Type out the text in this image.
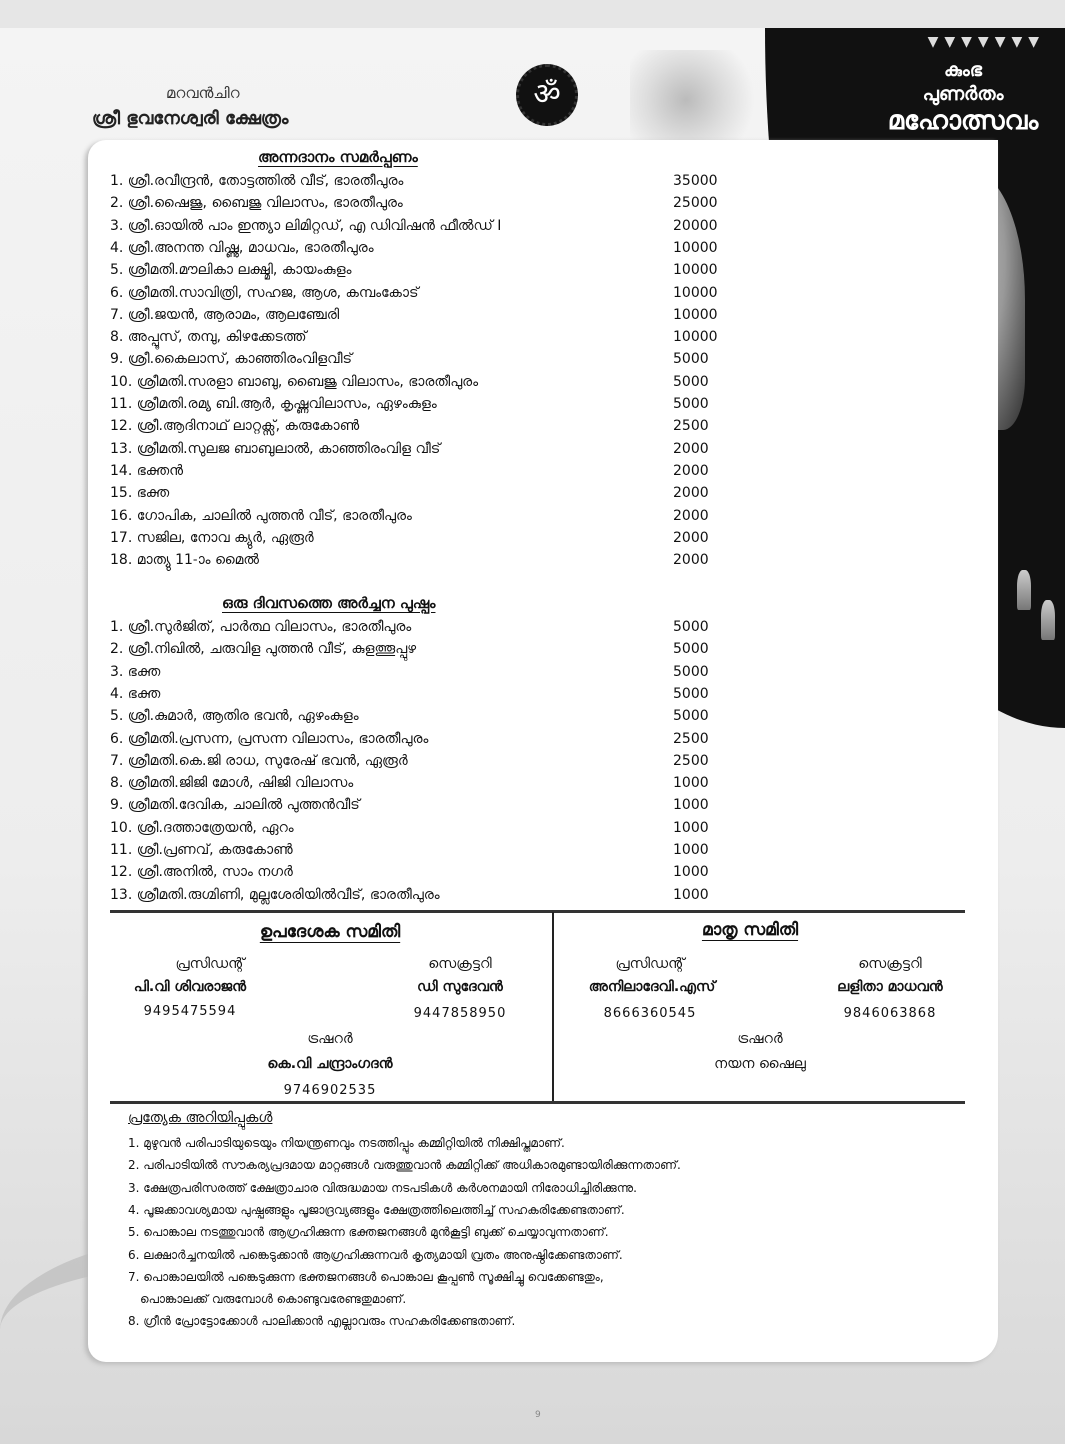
▼▼▼▼▼▼▼
കുംഭ
പുണർതം
മഹോത്സവം
മറവൻചിറ
ശ്രീ ഭുവനേശ്വരി ക്ഷേത്രം
ॐ
അന്നദാനം സമർപ്പണം
1. ശ്രീ.രവീന്ദ്രൻ, തോട്ടത്തിൽ വീട്, ഭാരതീപുരം	35000
2. ശ്രീ.ഷൈജു, ബൈജു വിലാസം, ഭാരതീപുരം	25000
3. ശ്രീ.ഓയിൽ പാം ഇന്ത്യാ ലിമിറ്റഡ്, എ ഡിവിഷൻ ഫീൽഡ് I	20000
4. ശ്രീ.അനന്ത വിഷ്ണു, മാധവം, ഭാരതീപുരം	10000
5. ശ്രീമതി.മൗലികാ ലക്ഷ്മി, കായംകുളം	10000
6. ശ്രീമതി.സാവിത്രി, സഹജ, ആശ, കമ്പംകോട്	10000
7. ശ്രീ.ജയൻ, ആരാമം, ആലഞ്ചേരി	10000
8. അപ്പൂസ്, തമ്പു, കിഴക്കേടത്ത്	10000
9. ശ്രീ.കൈലാസ്, കാഞ്ഞിരംവിളവീട്	5000
10. ശ്രീമതി.സരളാ ബാബു, ബൈജു വിലാസം, ഭാരതീപുരം	5000
11. ശ്രീമതി.രമ്യ ബി.ആർ, കൃഷ്ണവിലാസം, ഏഴംകുളം	5000
12. ശ്രീ.ആദിനാഥ് ലാറ്റക്സ്, കരുകോൺ	2500
13. ശ്രീമതി.സുലജ ബാബുലാൽ, കാഞ്ഞിരംവിള വീട്	2000
14. ഭക്തൻ	2000
15. ഭക്ത	2000
16. ഗോപിക, ചാലിൽ പുത്തൻ വീട്, ഭാരതീപുരം	2000
17. സജില, നോവ ക്യുർ, ഏരൂർ	2000
18. മാത്യു 11-ാം മൈൽ	2000
ഒരു ദിവസത്തെ അർച്ചന പുഷ്പം
1. ശ്രീ.സുർജിത്, പാർത്ഥ വിലാസം, ഭാരതീപുരം	5000
2. ശ്രീ.നിഖിൽ, ചരുവിള പുത്തൻ വീട്, കുളത്തൂപ്പുഴ	5000
3. ഭക്ത	5000
4. ഭക്ത	5000
5. ശ്രീ.കുമാർ, ആതിര ഭവൻ, ഏഴംകുളം	5000
6. ശ്രീമതി.പ്രസന്ന, പ്രസന്ന വിലാസം, ഭാരതീപുരം	2500
7. ശ്രീമതി.കെ.ജി രാധ, സുരേഷ് ഭവൻ, ഏരൂർ	2500
8. ശ്രീമതി.ജിജി മോൾ, ഷിജി വിലാസം	1000
9. ശ്രീമതി.ദേവിക, ചാലിൽ പുത്തൻവീട്	1000
10. ശ്രീ.ദത്താത്രേയൻ, ഏറം	1000
11. ശ്രീ.പ്രണവ്, കരുകോൺ	1000
12. ശ്രീ.അനിൽ, സാം നഗർ	1000
13. ശ്രീമതി.രുഗ്മിണി, മുല്ലശേരിയിൽവീട്, ഭാരതീപുരം	1000
ഉപദേശക സമിതി
പ്രസിഡന്റ്
പി.വി ശിവരാജൻ
9495475594
സെക്രട്ടറി
ഡി സുദേവൻ
9447858950
ട്രഷറർ
കെ.വി ചന്ദ്രാംഗദൻ
9746902535
മാതൃ സമിതി
പ്രസിഡന്റ്
അനിലാദേവി.എസ്
8666360545
സെക്രട്ടറി
ലളിതാ മാധവൻ
9846063868
ട്രഷറർ
നയന ഷൈലു
പ്രത്യേക അറിയിപ്പുകൾ
1. മുഴുവൻ പരിപാടിയുടെയും നിയന്ത്രണവും നടത്തിപ്പും കമ്മിറ്റിയിൽ നിക്ഷിപ്തമാണ്.
2. പരിപാടിയിൽ സൗകര്യപ്രദമായ മാറ്റങ്ങൾ വരുത്തുവാൻ കമ്മിറ്റിക്ക് അധികാരമുണ്ടായിരിക്കുന്നതാണ്.
3. ക്ഷേത്രപരിസരത്ത് ക്ഷേത്രാചാര വിരുദ്ധമായ നടപടികൾ കർശനമായി നിരോധിച്ചിരിക്കുന്നു.
4. പൂജക്കാവശ്യമായ പുഷ്പങ്ങളും പൂജാദ്രവ്യങ്ങളും ക്ഷേത്രത്തിലെത്തിച്ച് സഹകരിക്കേണ്ടതാണ്.
5. പൊങ്കാല നടത്തുവാൻ ആഗ്രഹിക്കുന്ന ഭക്തജനങ്ങൾ മുൻകൂട്ടി ബുക്ക് ചെയ്യാവുന്നതാണ്.
6. ലക്ഷാർച്ചനയിൽ പങ്കെടുക്കാൻ ആഗ്രഹിക്കുന്നവർ കൃത്യമായി വ്രതം അനുഷ്ഠിക്കേണ്ടതാണ്.
7. പൊങ്കാലയിൽ പങ്കെടുക്കുന്ന ഭക്തജനങ്ങൾ പൊങ്കാല കൂപ്പൺ സൂക്ഷിച്ചു വെക്കേണ്ടതും,
പൊങ്കാലക്ക് വരുമ്പോൾ കൊണ്ടുവരേണ്ടതുമാണ്.
8. ഗ്രീൻ പ്രോട്ടോക്കോൾ പാലിക്കാൻ എല്ലാവരും സഹകരിക്കേണ്ടതാണ്.
9
